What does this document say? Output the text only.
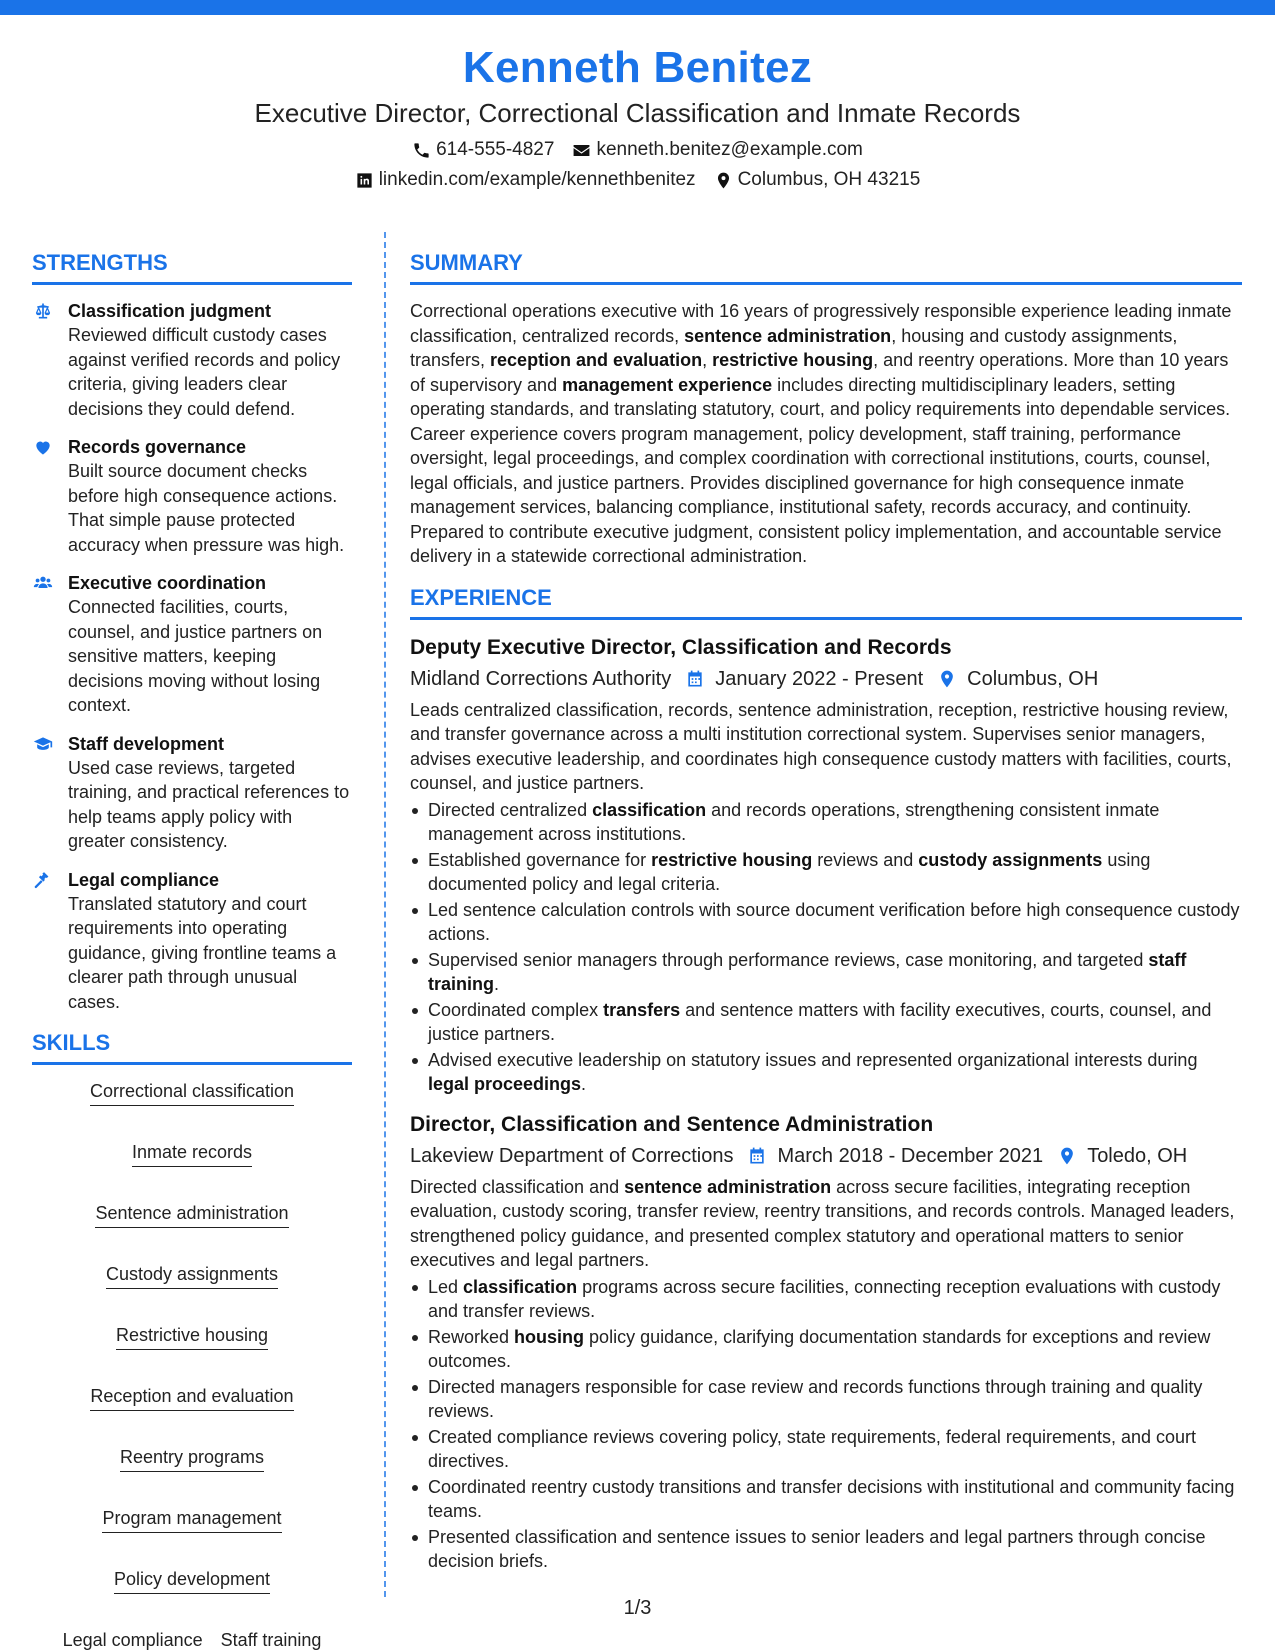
Kenneth Benitez
Executive Director, Correctional Classification and Inmate Records
614-555-4827 kenneth.benitez@example.com
linkedin.com/example/kennethbenitez Columbus, OH 43215
STRENGTHS
Classification judgment
Reviewed difficult custody cases against verified records and policy criteria, giving leaders clear decisions they could defend.
Records governance
Built source document checks before high consequence actions. That simple pause protected accuracy when pressure was high.
Executive coordination
Connected facilities, courts, counsel, and justice partners on sensitive matters, keeping decisions moving without losing context.
Staff development
Used case reviews, targeted training, and practical references to help teams apply policy with greater consistency.
Legal compliance
Translated statutory and court requirements into operating guidance, giving frontline teams a clearer path through unusual cases.
SKILLS
Correctional classification
Inmate records
Sentence administration
Custody assignments
Restrictive housing
Reception and evaluation
Reentry programs
Program management
Policy development
Legal compliance Staff training
SUMMARY

Correctional operations executive with 16 years of progressively responsible experience leading inmate classification, centralized records, sentence administration, housing and custody assignments, transfers, reception and evaluation, restrictive housing, and reentry operations. More than 10 years of supervisory and management experience includes directing multidisciplinary leaders, setting operating standards, and translating statutory, court, and policy requirements into dependable services. Career experience covers program management, policy development, staff training, performance oversight, legal proceedings, and complex coordination with correctional institutions, courts, counsel, legal officials, and justice partners. Provides disciplined governance for high consequence inmate management services, balancing compliance, institutional safety, records accuracy, and continuity. Prepared to contribute executive judgment, consistent policy implementation, and accountable service delivery in a statewide correctional administration.

EXPERIENCE
Deputy Executive Director, Classification and Records
Midland Corrections Authority January 2022 - Present Columbus, OH
Leads centralized classification, records, sentence administration, reception, restrictive housing review, and transfer governance across a multi institution correctional system. Supervises senior managers, advises executive leadership, and coordinates high consequence custody matters with facilities, courts, counsel, and justice partners.
Directed centralized classification and records operations, strengthening consistent inmate management across institutions.
Established governance for restrictive housing reviews and custody assignments using documented policy and legal criteria.
Led sentence calculation controls with source document verification before high consequence custody actions.
Supervised senior managers through performance reviews, case monitoring, and targeted staff training.
Coordinated complex transfers and sentence matters with facility executives, courts, counsel, and justice partners.
Advised executive leadership on statutory issues and represented organizational interests during legal proceedings.
Director, Classification and Sentence Administration
Lakeview Department of Corrections March 2018 - December 2021 Toledo, OH
Directed classification and sentence administration across secure facilities, integrating reception evaluation, custody scoring, transfer review, reentry transitions, and records controls. Managed leaders, strengthened policy guidance, and presented complex statutory and operational matters to senior executives and legal partners.
Led classification programs across secure facilities, connecting reception evaluations with custody and transfer reviews.
Reworked housing policy guidance, clarifying documentation standards for exceptions and review outcomes.
Directed managers responsible for case review and records functions through training and quality reviews.
Created compliance reviews covering policy, state requirements, federal requirements, and court directives.
Coordinated reentry custody transitions and transfer decisions with institutional and community facing teams.
Presented classification and sentence issues to senior leaders and legal partners through concise decision briefs.
1/3
